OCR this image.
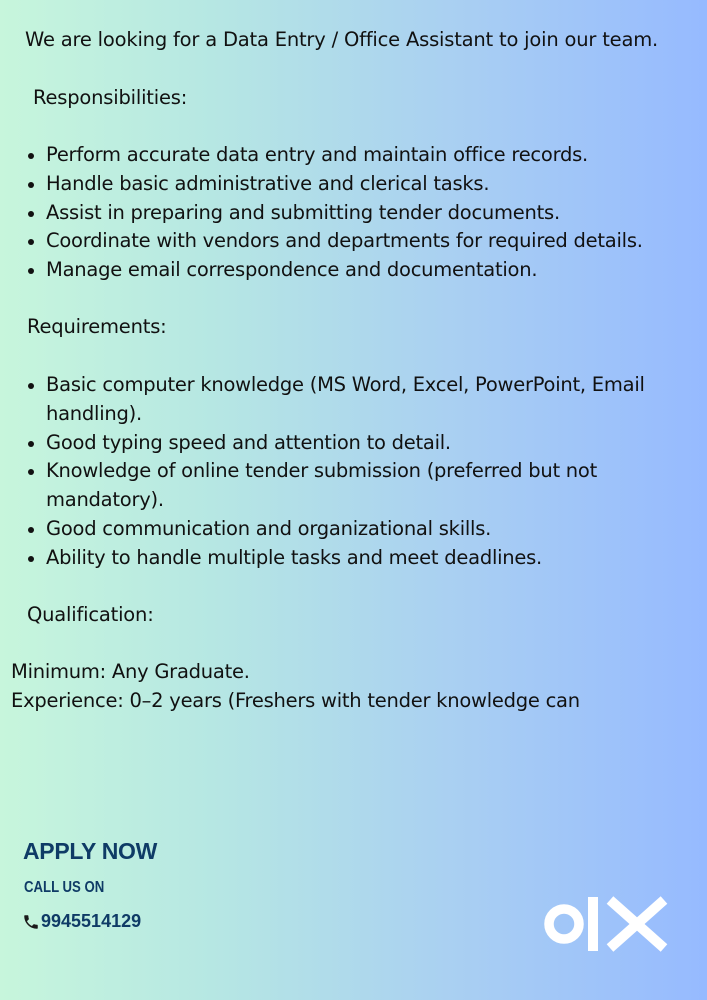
We are looking for a Data Entry / Office Assistant to join our team.

Responsibilities:

Perform accurate data entry and maintain office records.
Handle basic administrative and clerical tasks.
Assist in preparing and submitting tender documents.
Coordinate with vendors and departments for required details.
Manage email correspondence and documentation.

Requirements:

Basic computer knowledge (MS Word, Excel, PowerPoint, Email handling).
Good typing speed and attention to detail.
Knowledge of online tender submission (preferred but not mandatory).
Good communication and organizational skills.
Ability to handle multiple tasks and meet deadlines.

Qualification:

Minimum: Any Graduate.

Experience: 0–2 years (Freshers with tender knowledge can

APPLY NOW

CALL US ON

9945514129
